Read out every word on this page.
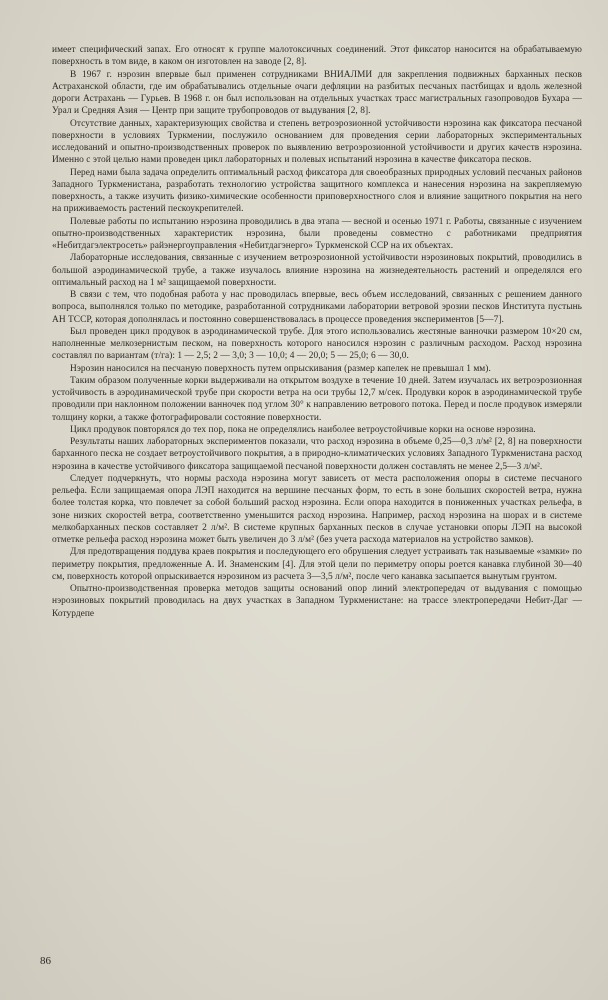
имеет специфический запах. Его относят к группе малотоксичных соединений. Этот фиксатор наносится на обрабатываемую поверхность в том виде, в каком он изготовлен на заводе [2, 8].

В 1967 г. нэрозин впервые был применен сотрудниками ВНИАЛМИ для закрепления подвижных барханных песков Астраханской области, где им обрабатывались отдельные очаги дефляции на разбитых песчаных пастбищах и вдоль железной дороги Астрахань — Гурьев. В 1968 г. он был использован на отдельных участках трасс магистральных газопроводов Бухара — Урал и Средняя Азия — Центр при защите трубопроводов от выдувания [2, 8].

Отсутствие данных, характеризующих свойства и степень ветроэрозионной устойчивости нэрозина как фиксатора песчаной поверхности в условиях Туркмении, послужило основанием для проведения серии лабораторных экспериментальных исследований и опытно-производственных проверок по выявлению ветроэрозионной устойчивости и других качеств нэрозина. Именно с этой целью нами проведен цикл лабораторных и полевых испытаний нэрозина в качестве фиксатора песков.

Перед нами была задача определить оптимальный расход фиксатора для своеобразных природных условий песчаных районов Западного Туркменистана, разработать технологию устройства защитного комплекса и нанесения нэрозина на закрепляемую поверхность, а также изучить физико-химические особенности приповерхностного слоя и влияние защитного покрытия на него на приживаемость растений пескоукрепителей.

Полевые работы по испытанию нэрозина проводились в два этапа — весной и осенью 1971 г. Работы, связанные с изучением опытно-производственных характеристик нэрозина, были проведены совместно с работниками предприятия «Небитдагэлектросеть» райэнергоуправления «Небитдагэнерго» Туркменской ССР на их объектах.

Лабораторные исследования, связанные с изучением ветроэрозионной устойчивости нэрозиновых покрытий, проводились в большой аэродинамической трубе, а также изучалось влияние нэрозина на жизнедеятельность растений и определялся его оптимальный расход на 1 м² защищаемой поверхности.

В связи с тем, что подобная работа у нас проводилась впервые, весь объем исследований, связанных с решением данного вопроса, выполнялся только по методике, разработанной сотрудниками лаборатории ветровой эрозии песков Института пустынь АН ТССР, которая дополнялась и постоянно совершенствовалась в процессе проведения экспериментов [5—7].

Был проведен цикл продувок в аэродинамической трубе. Для этого использовались жестяные ванночки размером 10×20 см, наполненные мелкозернистым песком, на поверхность которого наносился нэрозин с различным расходом. Расход нэрозина составлял по вариантам (т/га): 1 — 2,5; 2 — 3,0; 3 — 10,0; 4 — 20,0; 5 — 25,0; 6 — 30,0.

Нэрозин наносился на песчаную поверхность путем опрыскивания (размер капелек не превышал 1 мм).

Таким образом полученные корки выдерживали на открытом воздухе в течение 10 дней. Затем изучалась их ветроэрозионная устойчивость в аэродинамической трубе при скорости ветра на оси трубы 12,7 м/сек. Продувки корок в аэродинамической трубе проводили при наклонном положении ванночек под углом 30° к направлению ветрового потока. Перед и после продувок измеряли толщину корки, а также фотографировали состояние поверхности.

Цикл продувок повторялся до тех пор, пока не определялись наиболее ветроустойчивые корки на основе нэрозина.

Результаты наших лабораторных экспериментов показали, что расход нэрозина в объеме 0,25—0,3 л/м² [2, 8] на поверхности барханного песка не создает ветроустойчивого покрытия, а в природно-климатических условиях Западного Туркменистана расход нэрозина в качестве устойчивого фиксатора защищаемой песчаной поверхности должен составлять не менее 2,5—3 л/м².

Следует подчеркнуть, что нормы расхода нэрозина могут зависеть от места расположения опоры в системе песчаного рельефа. Если защищаемая опора ЛЭП находится на вершине песчаных форм, то есть в зоне больших скоростей ветра, нужна более толстая корка, что повлечет за собой больший расход нэрозина. Если опора находится в пониженных участках рельефа, в зоне низких скоростей ветра, соответственно уменьшится расход нэрозина. Например, расход нэрозина на шорах и в системе мелкобарханных песков составляет 2 л/м². В системе крупных барханных песков в случае установки опоры ЛЭП на высокой отметке рельефа расход нэрозина может быть увеличен до 3 л/м² (без учета расхода материалов на устройство замков).

Для предотвращения поддува краев покрытия и последующего его обрушения следует устраивать так называемые «замки» по периметру покрытия, предложенные А. И. Знаменским [4]. Для этой цели по периметру опоры роется канавка глубиной 30—40 см, поверхность которой опрыскивается нэрозином из расчета 3—3,5 л/м², после чего канавка засыпается вынутым грунтом.

Опытно-производственная проверка методов защиты оснований опор линий электропередач от выдувания с помощью нэрозиновых покрытий проводилась на двух участках в Западном Туркменистане: на трассе электропередачи Небит-Даг — Котурдепе

86
